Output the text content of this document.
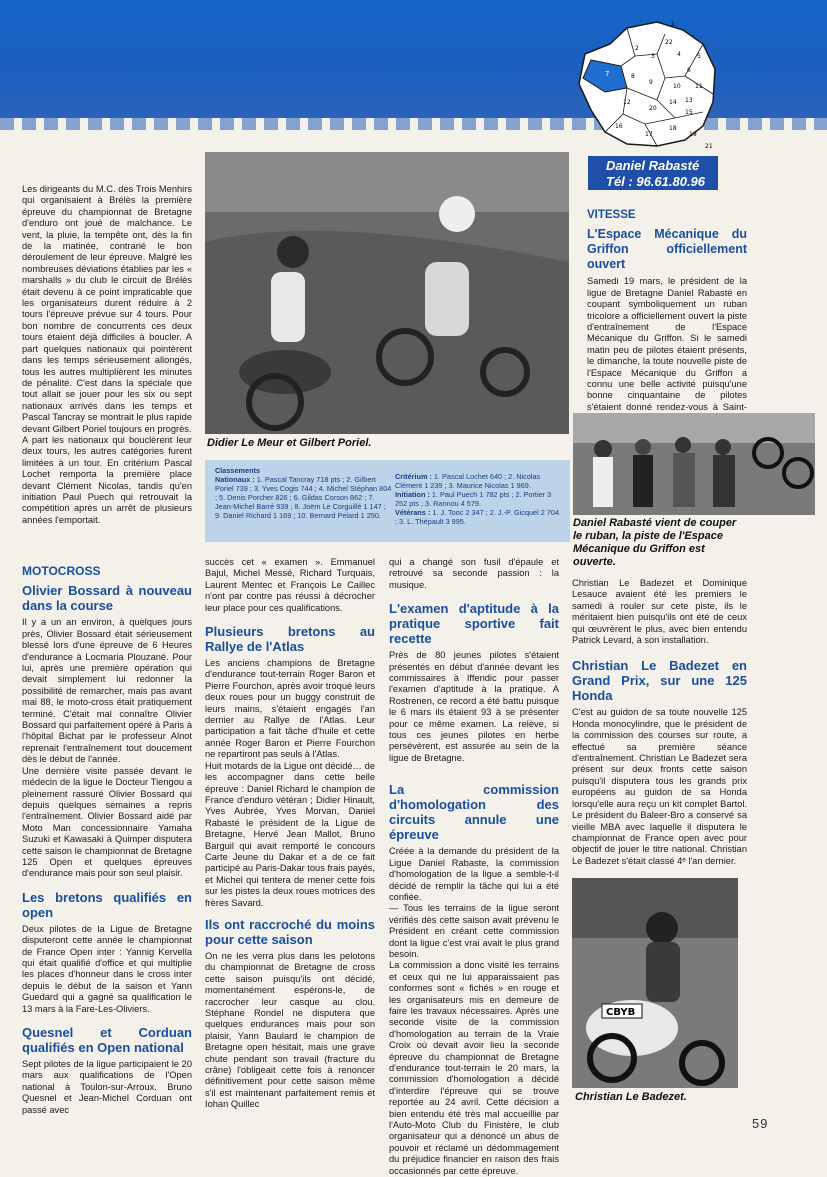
22
1
2
3	4	5
6
7	8
9
10 11
12	13
14
15
16
17
18
19
20
21
Daniel Rabasté
Tél : 96.61.80.96

Les dirigeants du M.C. des Trois Menhirs qui organisaient à Brélès la première épreuve du championnat de Bretagne d'enduro ont joué de malchance. Le vent, la pluie, la tempête ont, dès la fin de la matinée, contrarié le bon déroulement de leur épreuve. Malgré les nombreuses déviations établies par les « marshalls » du club le circuit de Brélès était devenu à ce point impraticable que les organisateurs durent réduire à 2 tours l'épreuve prévue sur 4 tours. Pour bon nombre de concurrents ces deux tours étaient déjà difficiles à boucler. A part quelques nationaux qui pointèrent dans les temps sérieusement allongés, tous les autres multiplièrent les minutes de pénalité. C'est dans la spéciale que tout allait se jouer pour les six ou sept nationaux arrivés dans les temps et Pascal Tancray se montrait le plus rapide devant Gilbert Poriel toujours en progrès.

A part les nationaux qui bouclèrent leur deux tours, les autres catégories furent limitées à un tour. En critérium Pascal Lochet remporta la première place devant Clément Nicolas, tandis qu'en initiation Paul Puech qui retrouvait la compétition après un arrêt de plusieurs années l'emportait.

Didier Le Meur et Gilbert Poriel.
Classements
Nationaux : 1. Pascal Tancray 718 pts ; 2. Gilbert Poriel 739 ; 3. Yves Cogis 744 ; 4. Michel Stéphan 804 ; 5. Denis Porcher 826 ; 6. Gildas Corson 862 ; 7. Jean-Michel Barré 939 ; 8. Joëm Le Corguillé 1 147 ; 9. Daniel Richard 1 169 ; 10. Bernard Pelard 1 250.
Critérium : 1. Pascal Lochet 640 ; 2. Nicolas Clément 1 239 ; 3. Maurice Nicolas 1 969.
Initiation : 1. Paul Puech 1 782 pts ; 2. Portier 3 252 pts ; 3. Rannou 4 579.
Vétérans : 1. J. Tooc 2 347 ; 2. J.-P. Gicquel 2 704 ; 3. L. Thépault 3 995.
VITESSE
L'Espace Mécanique du Griffon officiellement ouvert

Samedi 19 mars, le président de la ligue de Bretagne Daniel Rabasté en coupant symboliquement un ruban tricolore a officiellement ouvert la piste d'entraînement de l'Espace Mécanique du Griffon. Si le samedi matin peu de pilotes étaient présents, le dimanche, la toute nouvelle piste de l'Espace Mécanique du Griffon a connu une belle activité puisqu'une bonne cinquantaine de pilotes s'étaient donné rendez-vous à Saint-

Daniel Rabasté vient de couper le ruban, la piste de l'Espace Mécanique du Griffon est ouverte.

Christian Le Badezet et Dominique Lesauce avaient été les premiers le samedi à rouler sur cete piste, ils le méritaient bien puisqu'ils ont été de ceux qui œuvrèrent le plus, avec bien entendu Patrick Levard, à son installation.

Christian Le Badezet en Grand Prix, sur une 125 Honda

C'est au guidon de sa toute nouvelle 125 Honda monocylindre, que le président de la commission des courses sur route, a effectué sa première séance d'entraînement. Christian Le Badezet sera présent sur deux fronts cette saison puisqu'il disputera tous les grands prix européens au guidon de sa Honda lorsqu'elle aura reçu un kit complet Bartol. Le président du Baleer-Bro a conservé sa vieille MBA avec laquelle il disputera le championnat de France open avec pour objectif de jouer le titre national. Christian Le Badezet s'était classé 4ᵉ l'an dernier.

CBYB
Christian Le Badezet.
MOTOCROSS
Olivier Bossard à nouveau dans la course

Il y a un an environ, à quelques jours près, Olivier Bossard était sérieusement blessé lors d'une épreuve de 6 Heures d'endurance à Locmaria Plouzané. Pour lui, après une première opération qui devait simplement lui redonner la possibilité de remarcher, mais pas avant mai 88, le moto-cross était pratiquement terminé. C'était mal connaître Olivier Bossard qui parfaitement opéré à Paris à l'hôpital Bichat par le professeur Alnot reprenait l'entraînement tout doucement dès le début de l'année.

Une dernière visite passée devant le médecin de la ligue le Docteur Tiengou a pleinement rassuré Olivier Bossard qui depuis quelques semaines a repris l'entraînement. Olivier Bossard aidé par Moto Man concessionnaire Yamaha Suzuki et Kawasaki à Quimper disputera cette saison le championnat de Bretagne 125 Open et quelques épreuves d'endurance mais pour son seul plaisir.

Les bretons qualifiés en open

Deux pilotes de la Ligue de Bretagne disputeront cette année le championnat de France Open inter : Yannig Kervella qui était qualifié d'office et qui multiplie les places d'honneur dans le cross inter depuis le début de la saison et Yann Guedard qui a gagné sa qualification le 13 mars à la Fare-Les-Oliviers.

Quesnel et Corduan qualifiés en Open national

Sept pilotes de la ligue participaient le 20 mars aux qualifications de l'Open national à Toulon-sur-Arroux. Bruno Quesnel et Jean-Michel Corduan ont passé avec

succès cet « examen ». Emmanuel Bajul, Michel Messé, Richard Turquais, Laurent Mentec et François Le Caillec n'ont par contre pas réussi à décrocher leur place pour ces qualifications.

Plusieurs bretons au Rallye de l'Atlas

Les anciens champions de Bretagne d'endurance tout-terrain Roger Baron et Pierre Fourchon, après avoir troqué leurs deux roues pour un buggy construit de leurs mains, s'étaient engagés l'an dernier au Rallye de l'Atlas. Leur participation a fait tâche d'huile et cette année Roger Baron et Pierre Fourchon ne repartiront pas seuls à l'Atlas.

Huit motards de la Ligue ont décidé… de les accompagner dans cette belle épreuve : Daniel Richard le champion de France d'enduro vétéran ; Didier Hinault, Yves Aubrée, Yves Morvan, Daniel Rabasté le président de la Ligue de Bretagne, Hervé Jean Mallot, Bruno Barguil qui avait remporté le concours Carte Jeune du Dakar et a de ce fait participé au Paris-Dakar tous frais payés, et Michel qui tentera de mener cette fois sur les pistes la deux roues motrices des frères Savard.

Ils ont raccroché du moins pour cette saison

On ne les verra plus dans les pelotons du championnat de Bretagne de cross cette saison puisqu'ils ont décidé, momentanément espérons-le, de raccrocher leur casque au clou. Stéphane Rondel ne disputera que quelques endurances mais pour son plaisir, Yann Baulard le champion de Bretagne open hésitait, mais une grave chute pendant son travail (fracture du crâne) l'obligeait cette fois à renoncer définitivement pour cette saison même s'il est maintenant parfaitement remis et Iohan Quillec

qui a changé son fusil d'épaule et retrouvé sa seconde passion : la musique.

L'examen d'aptitude à la pratique sportive fait recette

Près de 80 jeunes pilotes s'étaient présentés en début d'année devant les commissaires à Iffendic pour passer l'examen d'aptitude à la pratique. A Rostrenen, ce record a été battu puisque le 6 mars ils étaient 93 à se présenter pour ce même examen. La relève, si tous ces jeunes pilotes en herbe persévèrent, est assurée au sein de la ligue de Bretagne.

La commission d'homologation des circuits annule une épreuve

Créée à la demande du président de la Ligue Daniel Rabaste, la commission d'homologation de la ligue a semble-t-il décidé de remplir la tâche qui lui a été confiée.

— Tous les terrains de la ligue seront vérifiés dès cette saison avait prévenu le Président en créant cette commission dont la ligue c'est vrai avait le plus grand besoin.

La commission a donc visité les terrains et ceux qui ne lui apparaissaient pas conformes sont « fichés » en rouge et les organisateurs mis en demeure de faire les travaux nécessaires. Après une seconde visite de la commission d'homologation au terrain de la Vraie Croix où devait avoir lieu la seconde épreuve du championnat de Bretagne d'endurance tout-terrain le 20 mars, la commission d'homologation a décidé d'interdire l'épreuve qui se trouve reportée au 24 avril. Cette décision a bien entendu été très mal accueillie par l'Auto-Moto Club du Finistère, le club organisateur qui a dénoncé un abus de pouvoir et réclamé un dédommagement du préjudice financier en raison des frais occasionnés par cette épreuve.

59
